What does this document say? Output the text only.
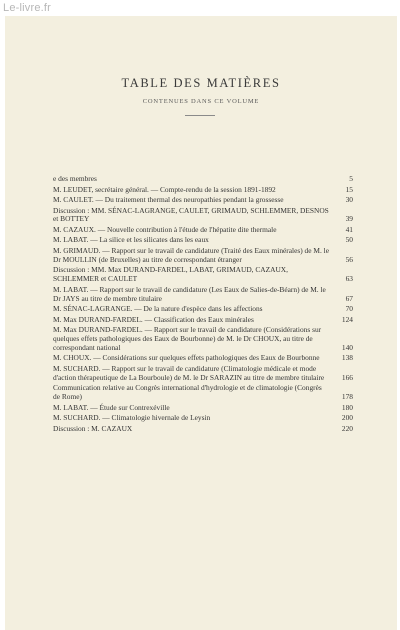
Le-livre.fr
TABLE DES MATIÈRES
CONTENUES DANS CE VOLUME
e des membres	5
M. LEUDET, secrétaire général. — Compte-rendu de la session 1891-1892	15
M. CAULET. — Du traitement thermal des neuropathies pendant la grossesse	30
Discussion : MM. SÉNAC-LAGRANGE, CAULET, GRIMAUD, SCHLEMMER, DESNOS et BOTTEY	39
M. CAZAUX. — Nouvelle contribution à l'étude de l'hépatite dite thermale	41
M. LABAT. — La silice et les silicates dans les eaux	50
M. GRIMAUD. — Rapport sur le travail de candidature (Traité des Eaux minérales) de M. le Dr MOULLIN (de Bruxelles) au titre de correspondant étranger	56
Discussion : MM. Max DURAND-FARDEL, LABAT, GRIMAUD, CAZAUX, SCHLEMMER et CAULET	63
M. LABAT. — Rapport sur le travail de candidature (Les Eaux de Salies-de-Béarn) de M. le Dr JAYS au titre de membre titulaire	67
M. SÉNAC-LAGRANGE. — De la nature d'espèce dans les affections	70
M. Max DURAND-FARDEL. — Classification des Eaux minérales	124
M. Max DURAND-FARDEL. — Rapport sur le travail de candidature (Considérations sur quelques effets pathologiques des Eaux de Bourbonne) de M. le Dr CHOUX, au titre de correspondant national	140
M. CHOUX. — Considérations sur quelques effets pathologiques des Eaux de Bourbonne	138
M. SUCHARD. — Rapport sur le travail de candidature (Climatologie médicale et mode d'action thérapeutique de La Bourboule) de M. le Dr SARAZIN au titre de membre titulaire	166
Communication relative au Congrès international d'hydrologie et de climatologie (Congrès de Rome)	178
M. LABAT. — Étude sur Contrexéville	180
M. SUCHARD. — Climatologie hivernale de Leysin	200
Discussion : M. CAZAUX	220
